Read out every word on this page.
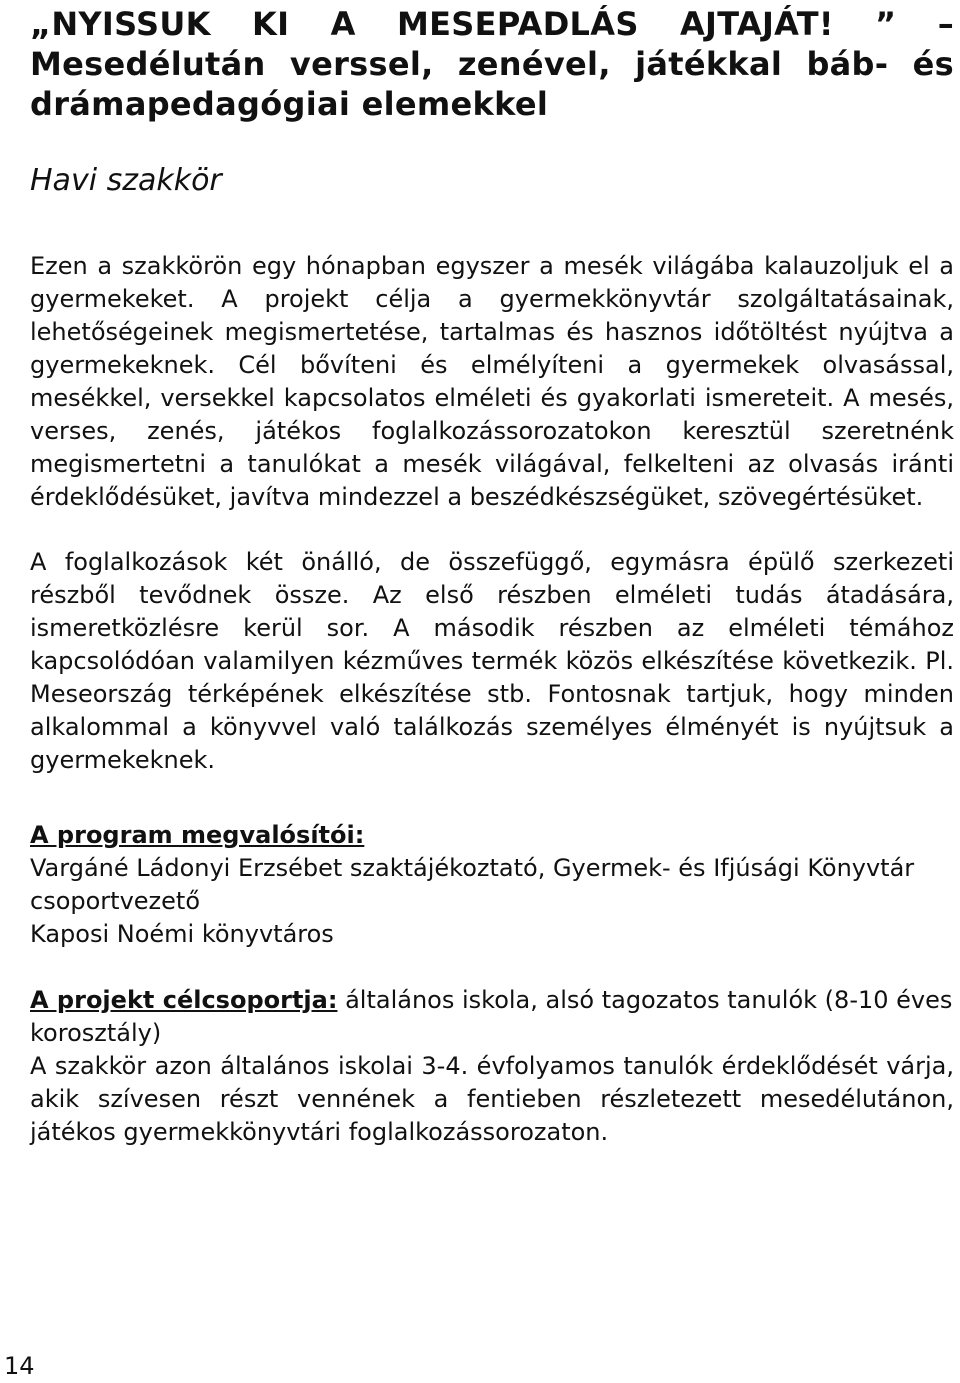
„NYISSUK KI A MESEPADLÁS AJTAJÁT! ” – Mesedélután verssel, zenével, játékkal báb- és drámapedagógiai elemekkel
Havi szakkör

Ezen a szakkörön egy hónapban egyszer a mesék világába kalauzoljuk el a gyermekeket. A projekt célja a gyermekkönyvtár szolgáltatásainak, lehetőségeinek megismertetése, tartalmas és hasznos időtöltést nyújtva a gyermekeknek. Cél bővíteni és elmélyíteni a gyermekek olvasással, mesékkel, versekkel kapcsolatos elméleti és gyakorlati ismereteit. A mesés, verses, zenés, játékos foglalkozássorozatokon keresztül szeretnénk megismertetni a tanulókat a mesék világával, felkelteni az olvasás iránti érdeklődésüket, javítva mindezzel a beszédkészségüket, szövegértésüket.

A foglalkozások két önálló, de összefüggő, egymásra épülő szerkezeti részből tevődnek össze. Az első részben elméleti tudás átadására, ismeretközlésre kerül sor. A második részben az elméleti témához kapcsolódóan valamilyen kézműves termék közös elkészítése következik. Pl. Meseország térképének elkészítése stb. Fontosnak tartjuk, hogy minden alkalommal a könyvvel való találkozás személyes élményét is nyújtsuk a gyermekeknek.

A program megvalósítói:

Vargáné Ládonyi Erzsébet szaktájékoztató, Gyermek- és Ifjúsági Könyvtár csoportvezető

Kaposi Noémi könyvtáros

A projekt célcsoportja: általános iskola, alsó tagozatos tanulók (8-10 éves korosztály)

A szakkör azon általános iskolai 3-4. évfolyamos tanulók érdeklődését várja, akik szívesen részt vennének a fentieben részletezett mesedélutánon, játékos gyermekkönyvtári foglalkozássorozaton.

14
